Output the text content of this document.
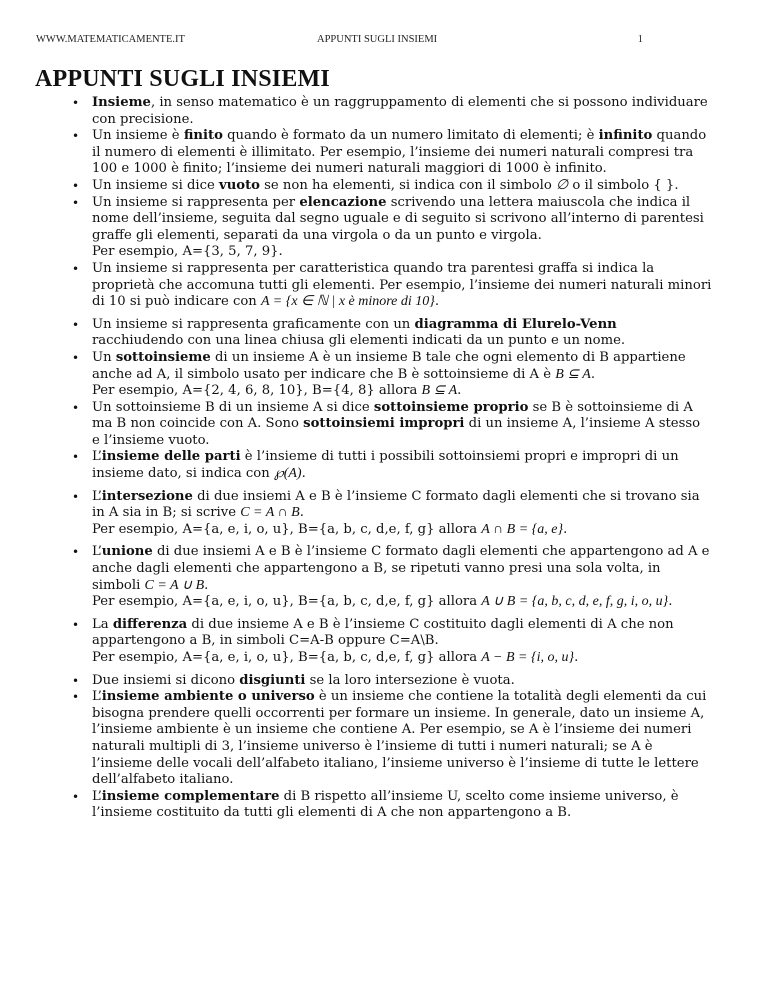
WWW.MATEMATICAMENTE.IT	APPUNTI SUGLI INSIEMI	1
APPUNTI SUGLI INSIEMI
• Insieme, in senso matematico è un raggruppamento di elementi che si possono individuare con precisione.
• Un insieme è finito quando è formato da un numero limitato di elementi; è infinito quando il numero di elementi è illimitato. Per esempio, l’insieme dei numeri naturali compresi tra 100 e 1000 è finito; l’insieme dei numeri naturali maggiori di 1000 è infinito.
• Un insieme si dice vuoto se non ha elementi, si indica con il simbolo ∅ o il simbolo { }.
• Un insieme si rappresenta per elencazione scrivendo una lettera maiuscola che indica il nome dell’insieme, seguita dal segno uguale e di seguito si scrivono all’interno di parentesi graffe gli elementi, separati da una virgola o da un punto e virgola.
Per esempio, A={3, 5, 7, 9}.
• Un insieme si rappresenta per caratteristica quando tra parentesi graffa si indica la proprietà che accomuna tutti gli elementi. Per esempio, l’insieme dei numeri naturali minori di 10 si può indicare con A = {x ∈ ℕ | x è minore di 10}.
• Un insieme si rappresenta graficamente con un diagramma di Elurelo-Venn racchiudendo con una linea chiusa gli elementi indicati da un punto e un nome.
• Un sottoinsieme di un insieme A è un insieme B tale che ogni elemento di B appartiene anche ad A, il simbolo usato per indicare che B è sottoinsieme di A è B ⊆ A.
Per esempio, A={2, 4, 6, 8, 10}, B={4, 8} allora B ⊆ A.
• Un sottoinsieme B di un insieme A si dice sottoinsieme proprio se B è sottoinsieme di A ma B non coincide con A. Sono sottoinsiemi impropri di un insieme A, l’insieme A stesso e l’insieme vuoto.
• L’insieme delle parti è l’insieme di tutti i possibili sottoinsiemi propri e impropri di un insieme dato, si indica con ℘(A).
• L’intersezione di due insiemi A e B è l’insieme C formato dagli elementi che si trovano sia in A sia in B; si scrive C = A ∩ B.
Per esempio, A={a, e, i, o, u}, B={a, b, c, d,e, f, g} allora A ∩ B = {a, e}.
• L’unione di due insiemi A e B è l’insieme C formato dagli elementi che appartengono ad A e anche dagli elementi che appartengono a B, se ripetuti vanno presi una sola volta, in simboli C = A ∪ B.
Per esempio, A={a, e, i, o, u}, B={a, b, c, d,e, f, g} allora A ∪ B = {a, b, c, d, e, f, g, i, o, u}.
• La differenza di due insieme A e B è l’insieme C costituito dagli elementi di A che non appartengono a B, in simboli C=A-B oppure C=A\B.
Per esempio, A={a, e, i, o, u}, B={a, b, c, d,e, f, g} allora A − B = {i, o, u}.
• Due insiemi si dicono disgiunti se la loro intersezione è vuota.
• L’insieme ambiente o universo è un insieme che contiene la totalità degli elementi da cui bisogna prendere quelli occorrenti per formare un insieme. In generale, dato un insieme A, l’insieme ambiente è un insieme che contiene A. Per esempio, se A è l’insieme dei numeri naturali multipli di 3, l’insieme universo è l’insieme di tutti i numeri naturali; se A è l’insieme delle vocali dell’alfabeto italiano, l’insieme universo è l’insieme di tutte le lettere dell’alfabeto italiano.
• L’insieme complementare di B rispetto all’insieme U, scelto come insieme universo, è l’insieme costituito da tutti gli elementi di A che non appartengono a B.
